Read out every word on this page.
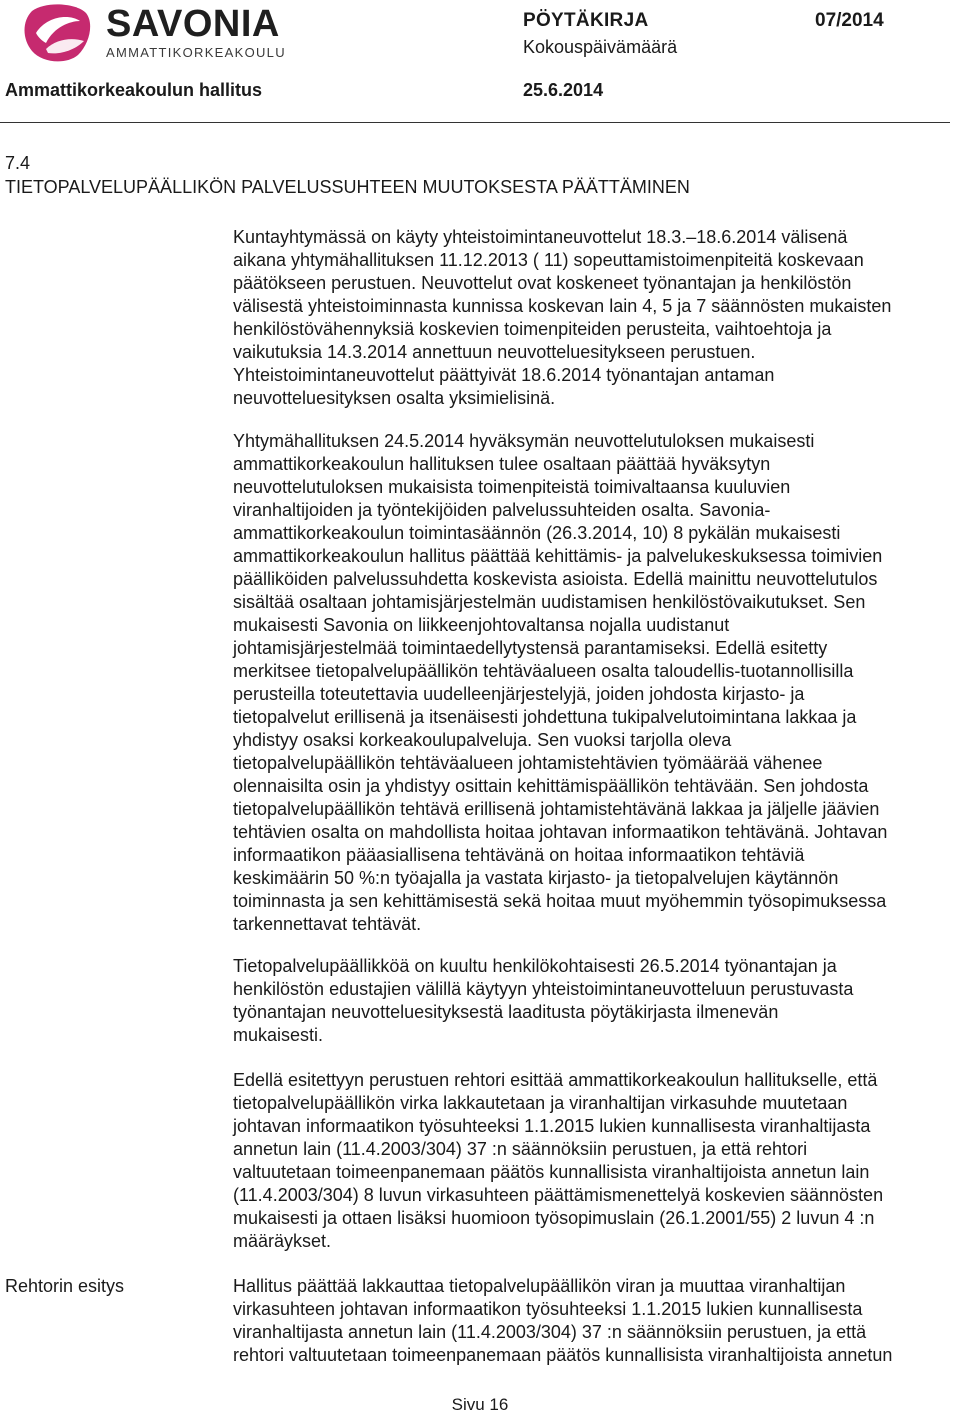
SAVONIA
AMMATTIKORKEAKOULU
PÖYTÄKIRJA	07/2014
Kokouspäivämäärä
Ammattikorkeakoulun hallitus	25.6.2014
7.4
TIETOPALVELUPÄÄLLIKÖN PALVELUSSUHTEEN MUUTOKSESTA PÄÄTTÄMINEN
Kuntayhtymässä on käyty yhteistoimintaneuvottelut 18.3.–18.6.2014 välisenä
aikana yhtymähallituksen 11.12.2013 ( 11) sopeuttamistoimenpiteitä koskevaan
päätökseen perustuen. Neuvottelut ovat koskeneet työnantajan ja henkilöstön
välisestä yhteistoiminnasta kunnissa koskevan lain 4, 5 ja 7 säännösten mukaisten
henkilöstövähennyksiä koskevien toimenpiteiden perusteita, vaihtoehtoja ja
vaikutuksia 14.3.2014 annettuun neuvotteluesitykseen perustuen.
Yhteistoimintaneuvottelut päättyivät 18.6.2014 työnantajan antaman
neuvotteluesityksen osalta yksimielisinä.
Yhtymähallituksen 24.5.2014 hyväksymän neuvottelutuloksen mukaisesti
ammattikorkeakoulun hallituksen tulee osaltaan päättää hyväksytyn
neuvottelutuloksen mukaisista toimenpiteistä toimivaltaansa kuuluvien
viranhaltijoiden ja työntekijöiden palvelussuhteiden osalta. Savonia-
ammattikorkeakoulun toimintasäännön (26.3.2014, 10) 8 pykälän mukaisesti
ammattikorkeakoulun hallitus päättää kehittämis- ja palvelukeskuksessa toimivien
päälliköiden palvelussuhdetta koskevista asioista. Edellä mainittu neuvottelutulos
sisältää osaltaan johtamisjärjestelmän uudistamisen henkilöstövaikutukset. Sen
mukaisesti Savonia on liikkeenjohtovaltansa nojalla uudistanut
johtamisjärjestelmää toimintaedellytystensä parantamiseksi. Edellä esitetty
merkitsee tietopalvelupäällikön tehtäväalueen osalta taloudellis-tuotannollisilla
perusteilla toteutettavia uudelleenjärjestelyjä, joiden johdosta kirjasto- ja
tietopalvelut erillisenä ja itsenäisesti johdettuna tukipalvelutoimintana lakkaa ja
yhdistyy osaksi korkeakoulupalveluja. Sen vuoksi tarjolla oleva
tietopalvelupäällikön tehtäväalueen johtamistehtävien työmäärää vähenee
olennaisilta osin ja yhdistyy osittain kehittämispäällikön tehtävään. Sen johdosta
tietopalvelupäällikön tehtävä erillisenä johtamistehtävänä lakkaa ja jäljelle jäävien
tehtävien osalta on mahdollista hoitaa johtavan informaatikon tehtävänä. Johtavan
informaatikon pääasiallisena tehtävänä on hoitaa informaatikon tehtäviä
keskimäärin 50 %:n työajalla ja vastata kirjasto- ja tietopalvelujen käytännön
toiminnasta ja sen kehittämisestä sekä hoitaa muut myöhemmin työsopimuksessa
tarkennettavat tehtävät.
Tietopalvelupäällikköä on kuultu henkilökohtaisesti 26.5.2014 työnantajan ja
henkilöstön edustajien välillä käytyyn yhteistoimintaneuvotteluun perustuvasta
työnantajan neuvotteluesityksestä laaditusta pöytäkirjasta ilmenevän
mukaisesti.
Edellä esitettyyn perustuen rehtori esittää ammattikorkeakoulun hallitukselle, että
tietopalvelupäällikön virka lakkautetaan ja viranhaltijan virkasuhde muutetaan
johtavan informaatikon työsuhteeksi 1.1.2015 lukien kunnallisesta viranhaltijasta
annetun lain (11.4.2003/304) 37 :n säännöksiin perustuen, ja että rehtori
valtuutetaan toimeenpanemaan päätös kunnallisista viranhaltijoista annetun lain
(11.4.2003/304) 8 luvun virkasuhteen päättämismenettelyä koskevien säännösten
mukaisesti ja ottaen lisäksi huomioon työsopimuslain (26.1.2001/55) 2 luvun 4 :n
määräykset.
Rehtorin esitys	Hallitus päättää lakkauttaa tietopalvelupäällikön viran ja muuttaa viranhaltijan
virkasuhteen johtavan informaatikon työsuhteeksi 1.1.2015 lukien kunnallisesta
viranhaltijasta annetun lain (11.4.2003/304) 37 :n säännöksiin perustuen, ja että
rehtori valtuutetaan toimeenpanemaan päätös kunnallisista viranhaltijoista annetun
Sivu 16
